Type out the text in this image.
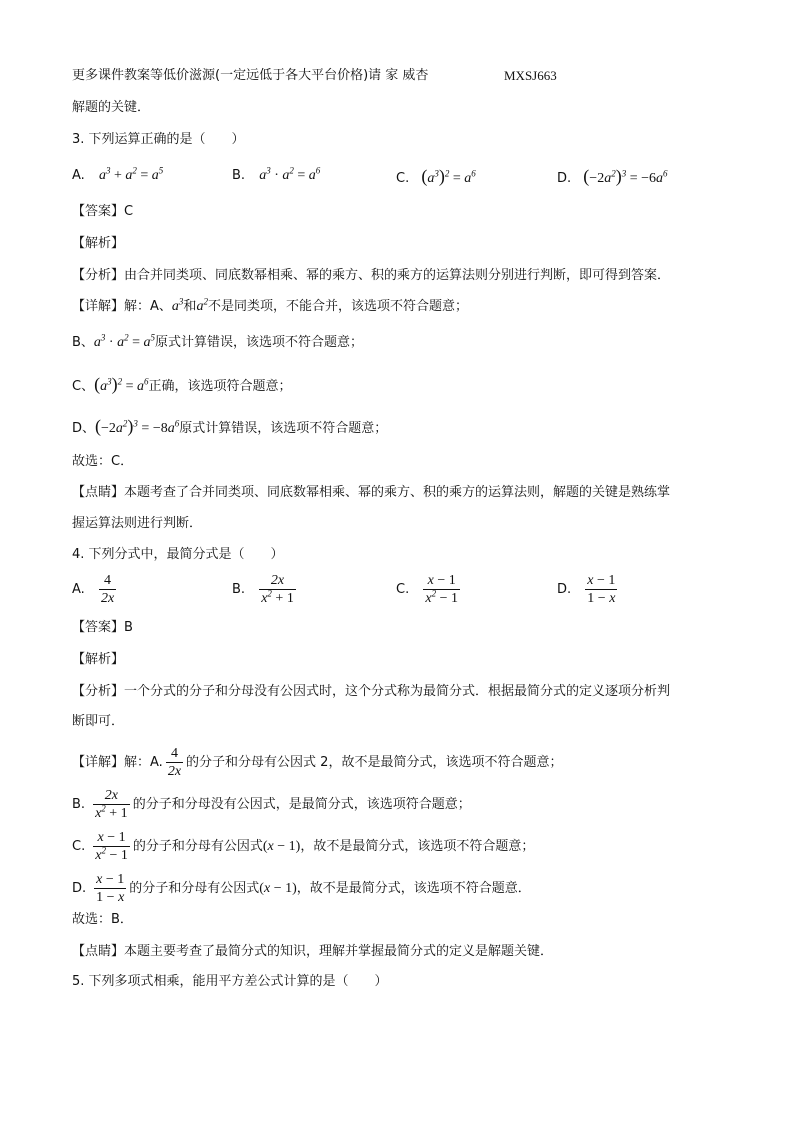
更多课件教案等低价滋源(一定远低于各大平台价格)请 家 威杏	MXSJ663
解题的关键．
3. 下列运算正确的是（　　）
A. $a^3 + a^2 = a^5$	B. $a^3 \cdot a^2 = a^6$
C. $(a^3)^2 = a^6$	D. $(-2a^2)^3 = -6a^6$
【答案】C
【解析】
【分析】由合并同类项、同底数幂相乘、幂的乘方、积的乘方的运算法则分别进行判断，即可得到答案．
【详解】解：A、$a^3$和$a^2$不是同类项，不能合并，该选项不符合题意；
B、$a^3 \cdot a^2 = a^5$原式计算错误，该选项不符合题意；
C、$(a^3)^2 = a^6$正确，该选项符合题意；
D、$(-2a^2)^3 = -8a^6$原式计算错误，该选项不符合题意；
故选：C．
【点睛】本题考查了合并同类项、同底数幂相乘、幂的乘方、积的乘方的运算法则，解题的关键是熟练掌
握运算法则进行判断．
4. 下列分式中，最简分式是（　　）
A. $\frac{4}{2x}$	B. $\frac{2x}{x^2 + 1}$	C. $\frac{x - 1}{x^2 - 1}$	D. $\frac{x - 1}{1 - x}$
【答案】B
【解析】
【分析】一个分式的分子和分母没有公因式时，这个分式称为最简分式．根据最简分式的定义逐项分析判
断即可．
【详解】解：A. $\frac{4}{2x}$ 的分子和分母有公因式 2，故不是最简分式，该选项不符合题意；
B. $\frac{2x}{x^2 + 1}$ 的分子和分母没有公因式，是最简分式，该选项符合题意；
C. $\frac{x - 1}{x^2 - 1}$ 的分子和分母有公因式(x − 1)，故不是最简分式，该选项不符合题意；
D. $\frac{x - 1}{1 - x}$ 的分子和分母有公因式(x − 1)，故不是最简分式，该选项不符合题意．
故选：B．
【点睛】本题主要考查了最简分式的知识，理解并掌握最简分式的定义是解题关键．
5. 下列多项式相乘，能用平方差公式计算的是（　　）
